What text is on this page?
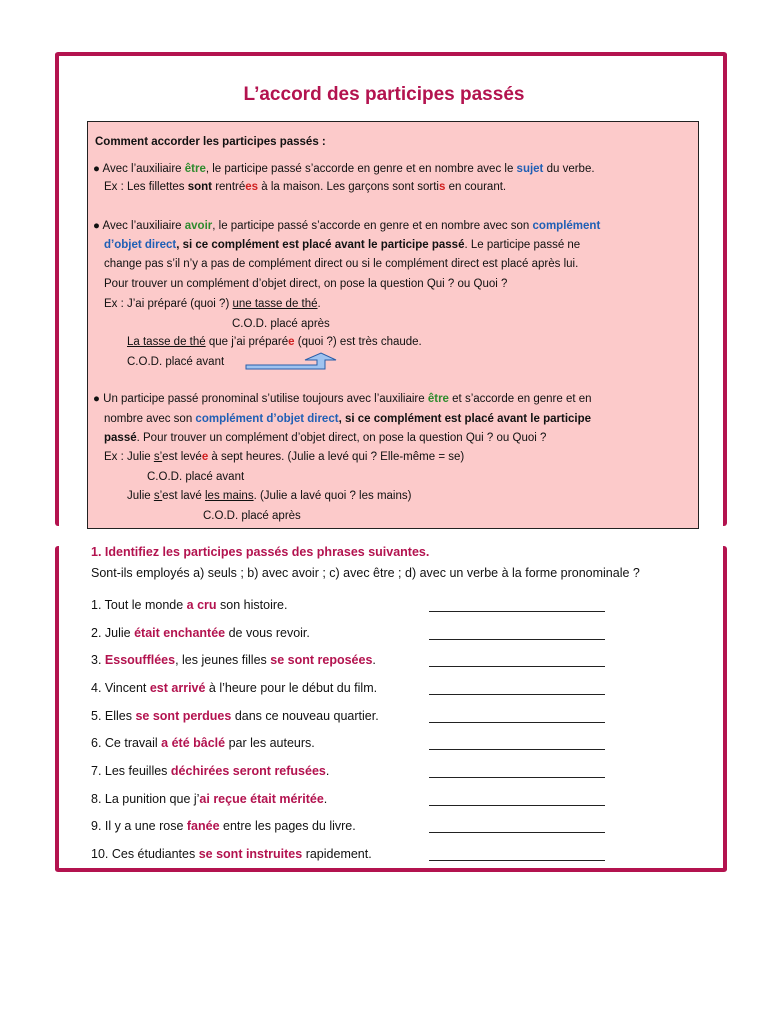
L’accord des participes passés
Comment accorder les participes passés :
● Avec l’auxiliaire être, le participe passé s’accorde en genre et en nombre avec le sujet du verbe.
Ex : Les fillettes sont rentrées à la maison. Les garçons sont sortis en courant.
● Avec l’auxiliaire avoir, le participe passé s’accorde en genre et en nombre avec son complément
d’objet direct, si ce complément est placé avant le participe passé. Le participe passé ne
change pas s’il n’y a pas de complément direct ou si le complément direct est placé après lui.
Pour trouver un complément d’objet direct, on pose la question Qui ? ou Quoi ?
Ex : J’ai préparé (quoi ?) une tasse de thé.
C.O.D. placé après
La tasse de thé que j’ai préparée (quoi ?) est très chaude.
C.O.D. placé avant
● Un participe passé pronominal s’utilise toujours avec l’auxiliaire être et s’accorde en genre et en
nombre avec son complément d’objet direct, si ce complément est placé avant le participe
passé. Pour trouver un complément d’objet direct, on pose la question Qui ? ou Quoi ?
Ex : Julie s’est levée à sept heures. (Julie a levé qui ? Elle-même = se)
C.O.D. placé avant
Julie s’est lavé les mains. (Julie a lavé quoi ? les mains)
C.O.D. placé après
1. Identifiez les participes passés des phrases suivantes.
Sont-ils employés a) seuls ; b) avec avoir ; c) avec être ; d) avec un verbe à la forme pronominale ?
1. Tout le monde a cru son histoire.
2. Julie était enchantée de vous revoir.
3. Essoufflées, les jeunes filles se sont reposées.
4. Vincent est arrivé à l’heure pour le début du film.
5. Elles se sont perdues dans ce nouveau quartier.
6. Ce travail a été bâclé par les auteurs.
7. Les feuilles déchirées seront refusées.
8. La punition que j’ai reçue était méritée.
9. Il y a une rose fanée entre les pages du livre.
10. Ces étudiantes se sont instruites rapidement.
